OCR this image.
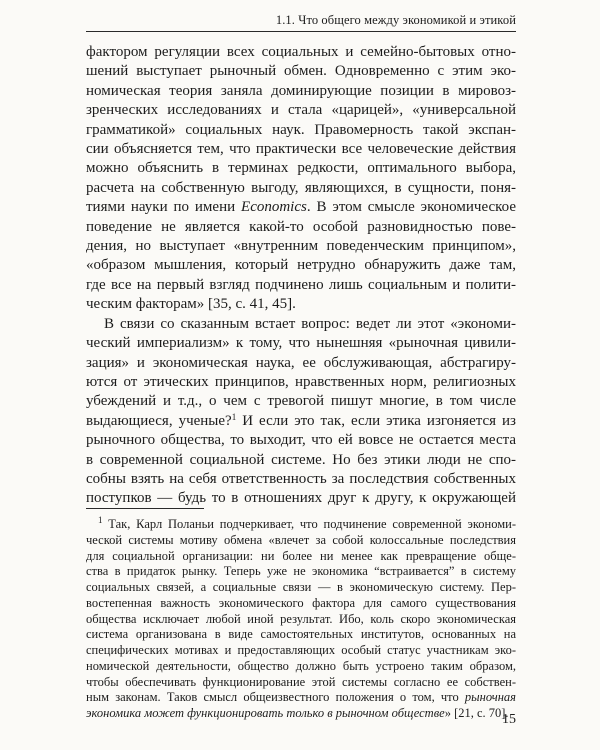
1.1. Что общего между экономикой и этикой
фактором регуляции всех социальных и семейно-бытовых отно-
шений выступает рыночный обмен. Одновременно с этим эко-
номическая теория заняла доминирующие позиции в мировоз-
зренческих исследованиях и стала «царицей», «универсальной
грамматикой» социальных наук. Правомерность такой экспан-
сии объясняется тем, что практически все человеческие действия
можно объяснить в терминах редкости, оптимального выбора,
расчета на собственную выгоду, являющихся, в сущности, поня-
тиями науки по имени Economics. В этом смысле экономическое
поведение не является какой-то особой разновидностью пове-
дения, но выступает «внутренним поведенческим принципом»,
«образом мышления, который нетрудно обнаружить даже там,
где все на первый взгляд подчинено лишь социальным и полити-
ческим факторам» [35, с. 41, 45].
В связи со сказанным встает вопрос: ведет ли этот «экономи-
ческий империализм» к тому, что нынешняя «рыночная цивили-
зация» и экономическая наука, ее обслуживающая, абстрагиру-
ются от этических принципов, нравственных норм, религиозных
убеждений и т.д., о чем с тревогой пишут многие, в том числе
выдающиеся, ученые?$^1$ И если это так, если этика изгоняется из
рыночного общества, то выходит, что ей вовсе не остается места
в современной социальной системе. Но без этики люди не спо-
собны взять на себя ответственность за последствия собственных
поступков — будь то в отношениях друг к другу, к окружающей
$^1$ Так, Карл Поланьи подчеркивает, что подчинение современной экономи-
ческой системы мотиву обмена «влечет за собой колоссальные последствия
для социальной организации: ни более ни менее как превращение обще-
ства в придаток рынку. Теперь уже не экономика “встраивается” в систему
социальных связей, а социальные связи — в экономическую систему. Пер-
востепенная важность экономического фактора для самого существования
общества исключает любой иной результат. Ибо, коль скоро экономическая
система организована в виде самостоятельных институтов, основанных на
специфических мотивах и предоставляющих особый статус участникам эко-
номической деятельности, общество должно быть устроено таким образом,
чтобы обеспечивать функционирование этой системы согласно ее собствен-
ным законам. Таков смысл общеизвестного положения о том, что рыночная
экономика может функционировать только в рыночном обществе» [21, с. 70].
15
